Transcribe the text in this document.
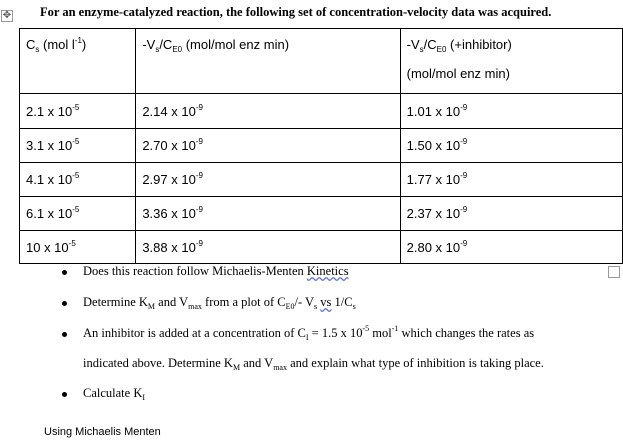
✥ For an enzyme-catalyzed reaction, the following set of concentration-velocity data was acquired.
$C_s$ (mol $l^{-1}$)	$-V_s/C_{E0}$ (mol/mol enz min)	$-V_s/C_{E0}$ (+inhibitor)
(mol/mol enz min)

2.1 x $10^{-5}$	2.14 x $10^{-9}$	1.01 x $10^{-9}$
3.1 x $10^{-5}$	2.70 x $10^{-9}$	1.50 x $10^{-9}$
4.1 x $10^{-5}$	2.97 x $10^{-9}$	1.77 x $10^{-9}$
6.1 x $10^{-5}$	3.36 x $10^{-9}$	2.37 x $10^{-9}$
10 x $10^{-5}$	3.88 x $10^{-9}$	2.80 x $10^{-9}$
Does this reaction follow Michaelis-Menten Kinetics
Determine $K_M$ and $V_{max}$ from a plot of $C_{E0}/-$ $V_s$ vs $1/C_s$
An inhibitor is added at a concentration of $C_I = 1.5$ x $10^{-5}$ mol$^{-1}$ which changes the rates as
indicated above. Determine $K_M$ and $V_{max}$ and explain what type of inhibition is taking place.
Calculate $K_I$
Using Michaelis Menten
